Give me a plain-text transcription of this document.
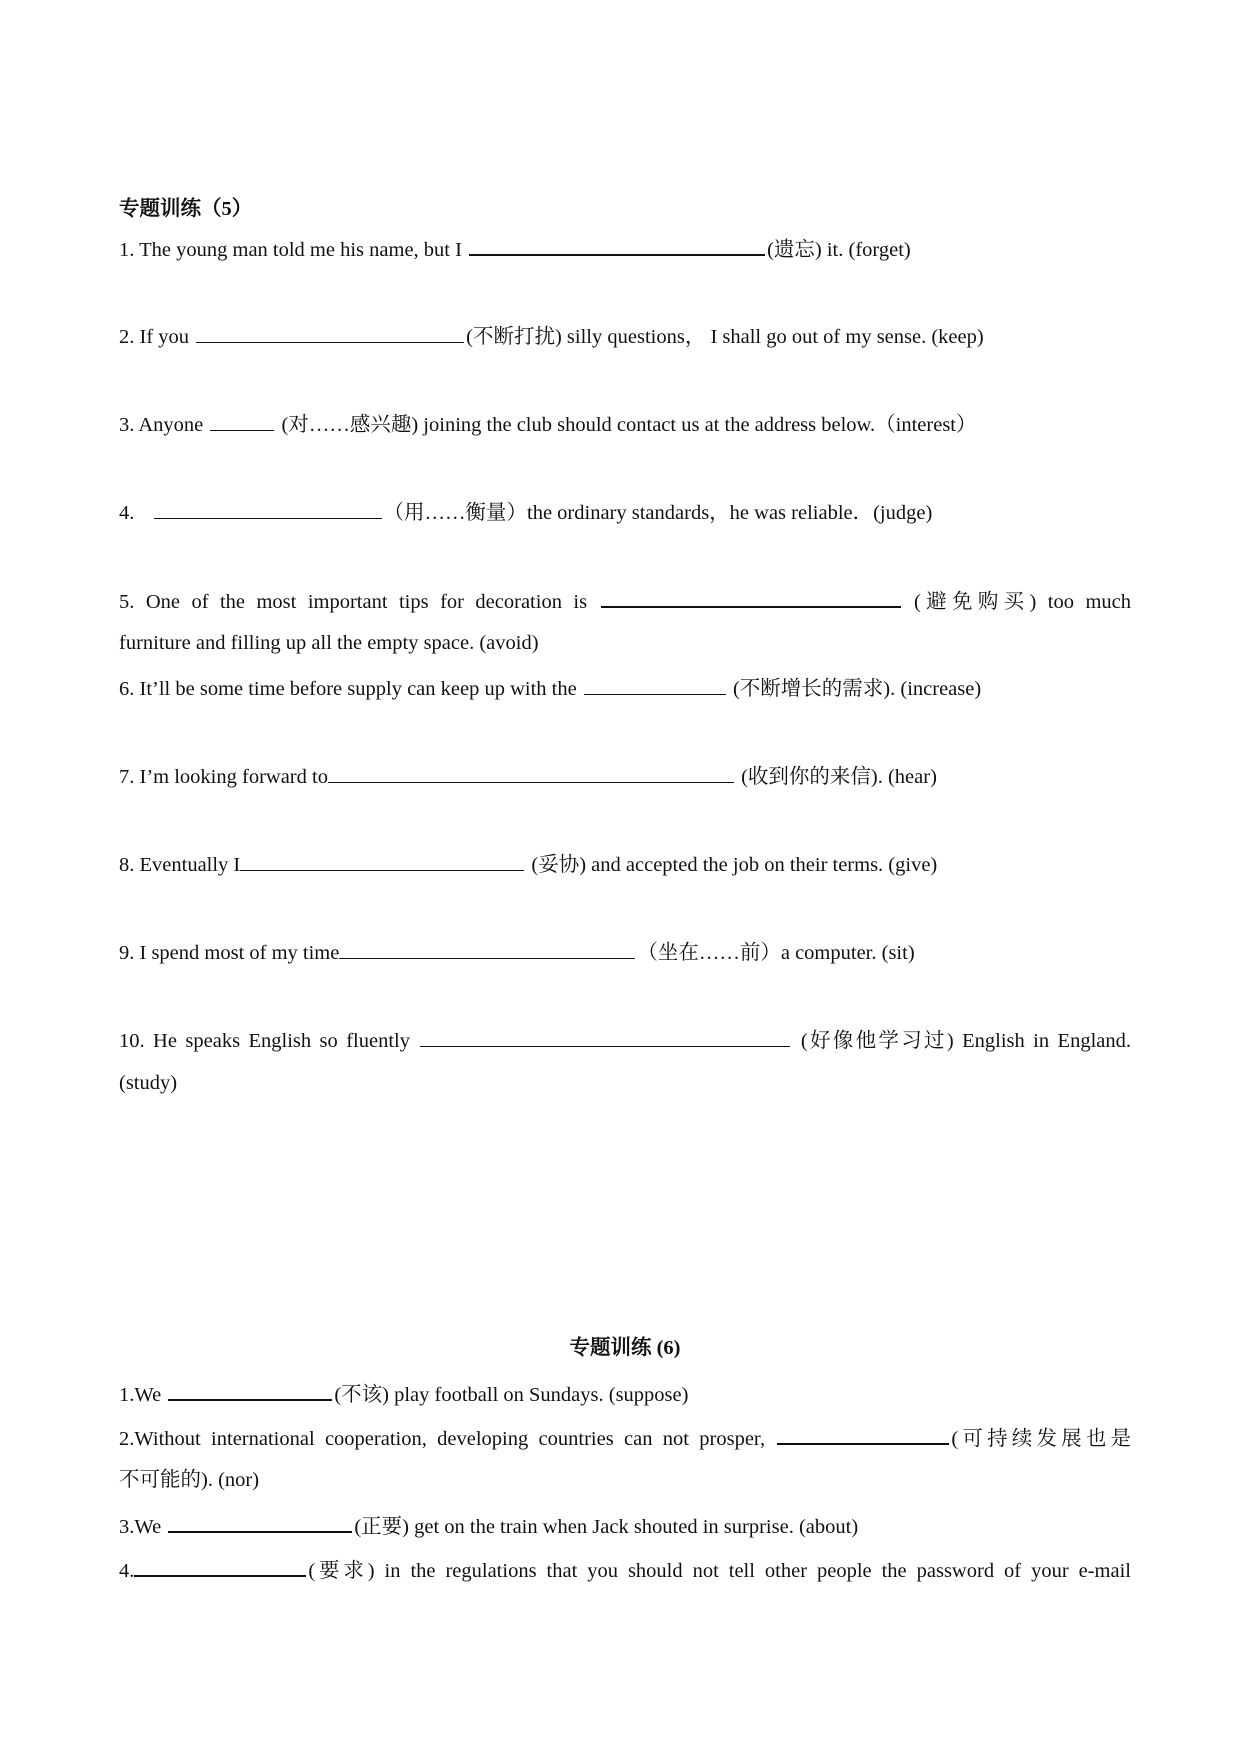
专题训练（5）
1. The young man told me his name, but I	(遗忘) it. (forget)
2. If you	(不断打扰) silly questions， I shall go out of my sense. (keep)
3. Anyone	(对……感兴趣) joining the club should contact us at the address below.（interest）
4.	（用……衡量）the ordinary standards，he was reliable．(judge)
5. One of the most important tips for decoration is	(避免购买) too much
furniture and filling up all the empty space. (avoid)
6. It’ll be some time before supply can keep up with the	(不断增长的需求). (increase)
7. I’m looking forward to	(收到你的来信). (hear)
8. Eventually I	(妥协) and accepted the job on their terms. (give)
9. I spend most of my time	（坐在……前）a computer. (sit)
10. He speaks English so fluently	(好像他学习过) English in England.
(study)
专题训练 (6)
1.We	(不该) play football on Sundays. (suppose)
2.Without international cooperation, developing countries can not prosper,	(可持续发展也是
不可能的). (nor)
3.We	(正要) get on the train when Jack shouted in surprise. (about)
4.	(要求) in the regulations that you should not tell other people the password of your e-mail
